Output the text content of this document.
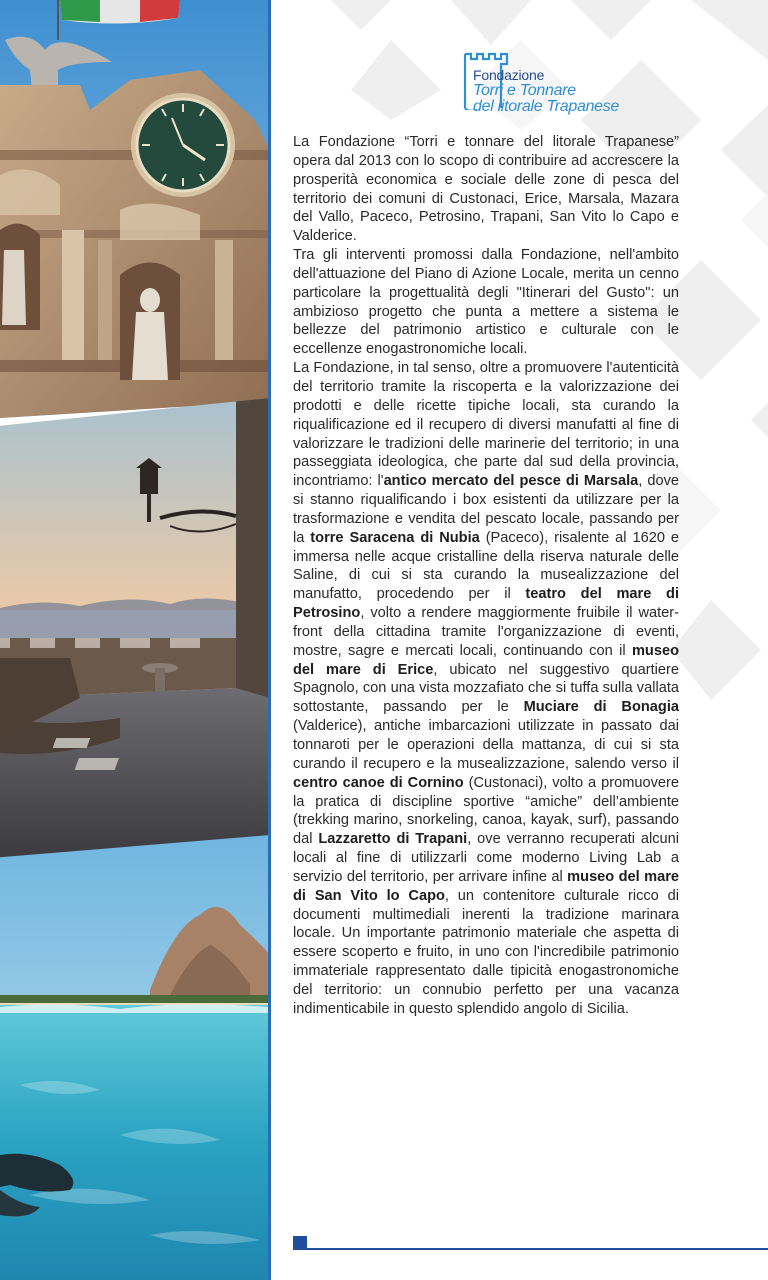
Fondazione
Torri e Tonnare
del litorale Trapanese

La Fondazione “Torri e tonnare del litorale Trapanese” opera dal 2013 con lo scopo di contribuire ad accrescere la prosperità economica e sociale delle zone di pesca del territorio dei comuni di Custonaci, Erice, Marsala, Mazara del Vallo, Paceco, Petrosino, Trapani, San Vito lo Capo e Valderice.

Tra gli interventi promossi dalla Fondazione, nell'ambito dell'attuazione del Piano di Azione Locale, merita un cenno particolare la progettualità degli "Itinerari del Gusto": un ambizioso progetto che punta a mettere a sistema le bellezze del patrimonio artistico e culturale con le eccellenze enogastronomiche locali.

La Fondazione, in tal senso, oltre a promuovere l'autenticità del territorio tramite la riscoperta e la valorizzazione dei prodotti e delle ricette tipiche locali, sta curando la riqualificazione ed il recupero di diversi manufatti al fine di valorizzare le tradizioni delle marinerie del territorio; in una passeggiata ideologica, che parte dal sud della provincia, incontriamo: l'antico mercato del pesce di Marsala, dove si stanno riqualificando i box esistenti da utilizzare per la trasformazione e vendita del pescato locale, passando per la torre Saracena di Nubia (Paceco), risalente al 1620 e immersa nelle acque cristalline della riserva naturale delle Saline, di cui si sta curando la musealizzazione del manufatto, procedendo per il teatro del mare di Petrosino, volto a rendere maggiormente fruibile il water-front della cittadina tramite l'organizzazione di eventi, mostre, sagre e mercati locali, continuando con il museo del mare di Erice, ubicato nel suggestivo quartiere Spagnolo, con una vista mozzafiato che si tuffa sulla vallata sottostante, passando per le Muciare di Bonagia (Valderice), antiche imbarcazioni utilizzate in passato dai tonnaroti per le operazioni della mattanza, di cui si sta curando il recupero e la musealizzazione, salendo verso il centro canoe di Cornino (Custonaci), volto a promuovere la pratica di discipline sportive “amiche” dell’ambiente (trekking marino, snorkeling, canoa, kayak, surf), passando dal Lazzaretto di Trapani, ove verranno recuperati alcuni locali al fine di utilizzarli come moderno Living Lab a servizio del territorio, per arrivare infine al museo del mare di San Vito lo Capo, un contenitore culturale ricco di documenti multimediali inerenti la tradizione marinara locale. Un importante patrimonio materiale che aspetta di essere scoperto e fruito, in uno con l'incredibile patrimonio immateriale rappresentato dalle tipicità enogastronomiche del territorio: un connubio perfetto per una vacanza indimenticabile in questo splendido angolo di Sicilia.
